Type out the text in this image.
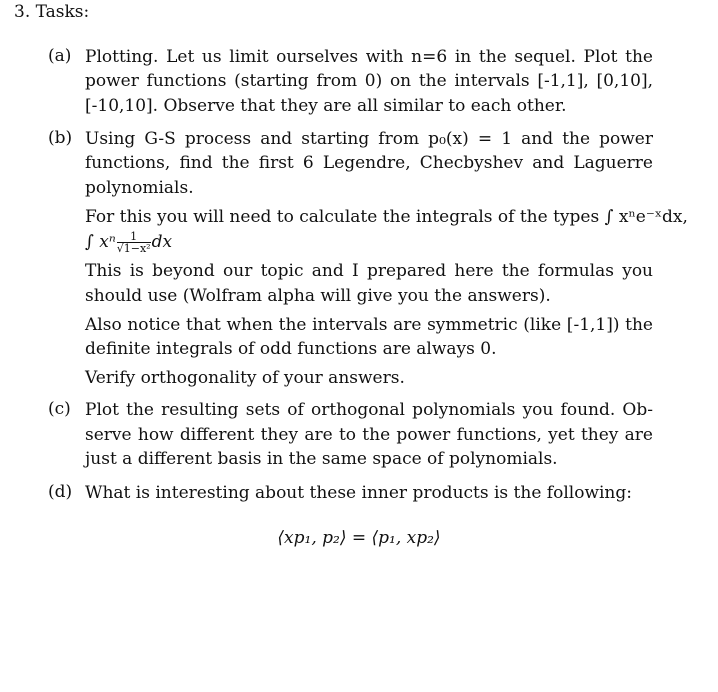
3. Tasks:
(a) Plotting. Let us limit ourselves with n=6 in the sequel. Plot the
power functions (starting from 0) on the intervals [-1,1], [0,10],
[-10,10]. Observe that they are all similar to each other.
(b) Using G-S process and starting from p₀(x) = 1 and the power
functions, find the first 6 Legendre, Checbyshev and Laguerre
polynomials.
For this you will need to calculate the integrals of the types ∫ xⁿe⁻ˣdx,
∫ xⁿ $\frac{1}{\text{√1−x²}}$ dx
This is beyond our topic and I prepared here the formulas you
should use (Wolfram alpha will give you the answers).
Also notice that when the intervals are symmetric (like [-1,1]) the
definite integrals of odd functions are always 0.
Verify orthogonality of your answers.
(c) Plot the resulting sets of orthogonal polynomials you found. Ob-
serve how different they are to the power functions, yet they are
just a different basis in the same space of polynomials.
(d) What is interesting about these inner products is the following:
⟨xp₁, p₂⟩ = ⟨p₁, xp₂⟩
